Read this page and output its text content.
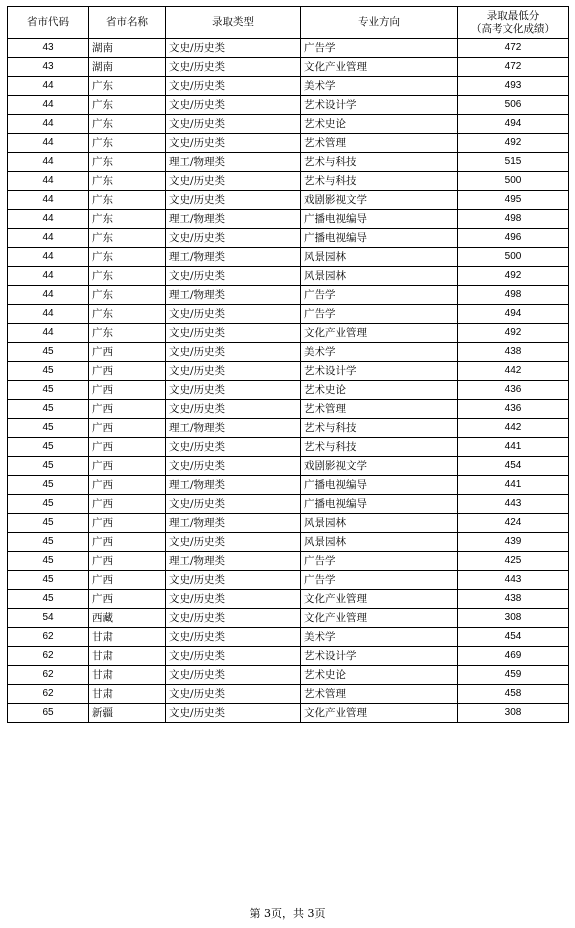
省市代码	省市名称	录取类型	专业方向	录取最低分
（高考文化成绩）

43	湖南	文史/历史类	广告学	472
43	湖南	文史/历史类	文化产业管理	472
44	广东	文史/历史类	美术学	493
44	广东	文史/历史类	艺术设计学	506
44	广东	文史/历史类	艺术史论	494
44	广东	文史/历史类	艺术管理	492
44	广东	理工/物理类	艺术与科技	515
44	广东	文史/历史类	艺术与科技	500
44	广东	文史/历史类	戏剧影视文学	495
44	广东	理工/物理类	广播电视编导	498
44	广东	文史/历史类	广播电视编导	496
44	广东	理工/物理类	风景园林	500
44	广东	文史/历史类	风景园林	492
44	广东	理工/物理类	广告学	498
44	广东	文史/历史类	广告学	494
44	广东	文史/历史类	文化产业管理	492
45	广西	文史/历史类	美术学	438
45	广西	文史/历史类	艺术设计学	442
45	广西	文史/历史类	艺术史论	436
45	广西	文史/历史类	艺术管理	436
45	广西	理工/物理类	艺术与科技	442
45	广西	文史/历史类	艺术与科技	441
45	广西	文史/历史类	戏剧影视文学	454
45	广西	理工/物理类	广播电视编导	441
45	广西	文史/历史类	广播电视编导	443
45	广西	理工/物理类	风景园林	424
45	广西	文史/历史类	风景园林	439
45	广西	理工/物理类	广告学	425
45	广西	文史/历史类	广告学	443
45	广西	文史/历史类	文化产业管理	438
54	西藏	文史/历史类	文化产业管理	308
62	甘肃	文史/历史类	美术学	454
62	甘肃	文史/历史类	艺术设计学	469
62	甘肃	文史/历史类	艺术史论	459
62	甘肃	文史/历史类	艺术管理	458
65	新疆	文史/历史类	文化产业管理	308
第 3页，共 3页
